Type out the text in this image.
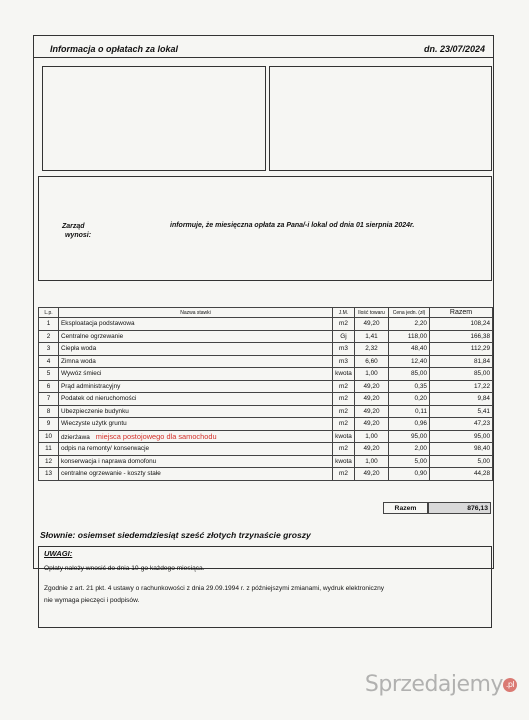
Informacja o opłatach za lokal	dn. 23/07/2024
Zarząd
wynosi:
informuje, że miesięczna opłata za Pana/-i lokal od dnia 01 sierpnia 2024r.
L.p.	Nazwa stawki	J.M.	Ilość towaru	Cena jedn. (zł)	Razem
1	Eksploatacja podstawowa	m2	49,20	2,20	108,24
2	Centralne ogrzewanie	Gj	1,41	118,00	166,38
3	Ciepła woda	m3	2,32	48,40	112,29
4	Zimna woda	m3	6,60	12,40	81,84
5	Wywóz śmieci	kwota	1,00	85,00	85,00
6	Prąd administracyjny	m2	49,20	0,35	17,22
7	Podatek od nieruchomości	m2	49,20	0,20	9,84
8	Ubezpieczenie budynku	m2	49,20	0,11	5,41
9	Wieczyste użytk gruntu	m2	49,20	0,96	47,23
10	dzierżawa miejsca postojowego dla samochodu	kwota	1,00	95,00	95,00
11	odpis na remonty/ konserwacje	m2	49,20	2,00	98,40
12	konserwacja i naprawa domofonu	kwota	1,00	5,00	5,00
13	centralne ogrzewanie - koszty stałe	m2	49,20	0,90	44,28
Razem	876,13
Słownie: osiemset siedemdziesiąt sześć złotych trzynaście groszy
UWAGI:
Opłaty należy wnosić do dnia 10-go każdego miesiąca.
Zgodnie z art. 21 pkt. 4 ustawy o rachunkowości z dnia 29.09.1994 r. z późniejszymi zmianami, wydruk elektroniczny
nie wymaga pieczęci i podpisów.
Sprzedajemy .pl
